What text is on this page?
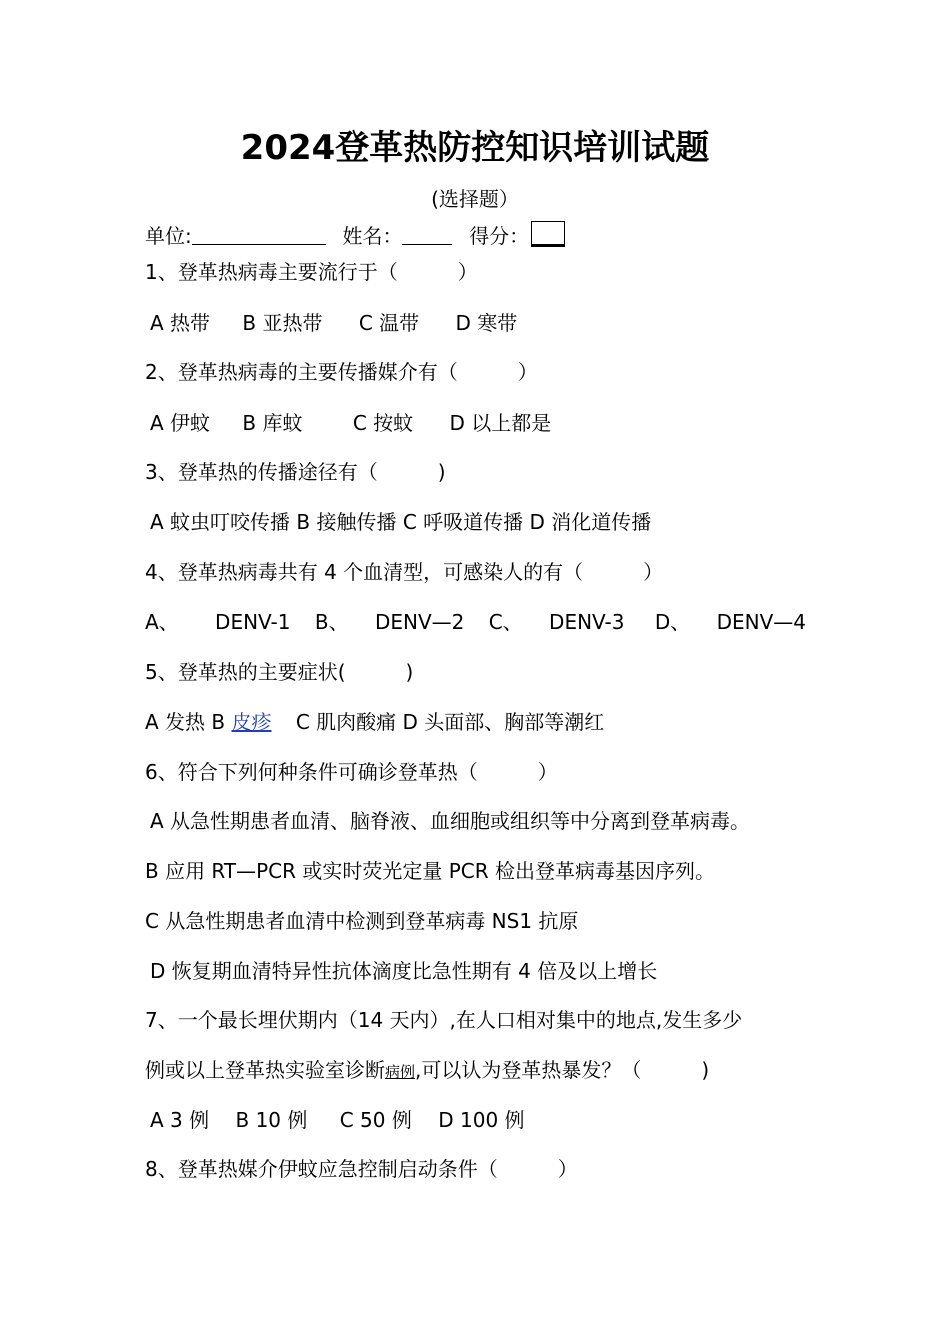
2024登革热防控知识培训试题
(选择题）
单位:	姓名：	得分：
1、登革热病毒主要流行于（　　　）
A 热带 B 亚热带 C 温带 D 寒带
2、登革热病毒的主要传播媒介有（　　　）
A 伊蚊 B 库蚊	C 按蚊 D 以上都是
3、登革热的传播途径有（　　　)
A 蚊虫叮咬传播 B 接触传播 C 呼吸道传播 D 消化道传播
4、登革热病毒共有 4 个血清型，可感染人的有（　　　）
A、 DENV-1 B、 DENV—2 C、 DENV-3 D、 DENV—4
5、登革热的主要症状(　　　)
A 发热 B 皮疹 C 肌肉酸痛 D 头面部、胸部等潮红
6、符合下列何种条件可确诊登革热（　　　）
A 从急性期患者血清、脑脊液、血细胞或组织等中分离到登革病毒。
B 应用 RT—PCR 或实时荧光定量 PCR 检出登革病毒基因序列。
C 从急性期患者血清中检测到登革病毒 NS1 抗原
D 恢复期血清特异性抗体滴度比急性期有 4 倍及以上增长
7、一个最长埋伏期内（14 天内）,在人口相对集中的地点,发生多少
例或以上登革热实验室诊断病例,可以认为登革热暴发？（　　　)
A 3 例 B 10 例 C 50 例 D 100 例
8、登革热媒介伊蚊应急控制启动条件（　　　）
